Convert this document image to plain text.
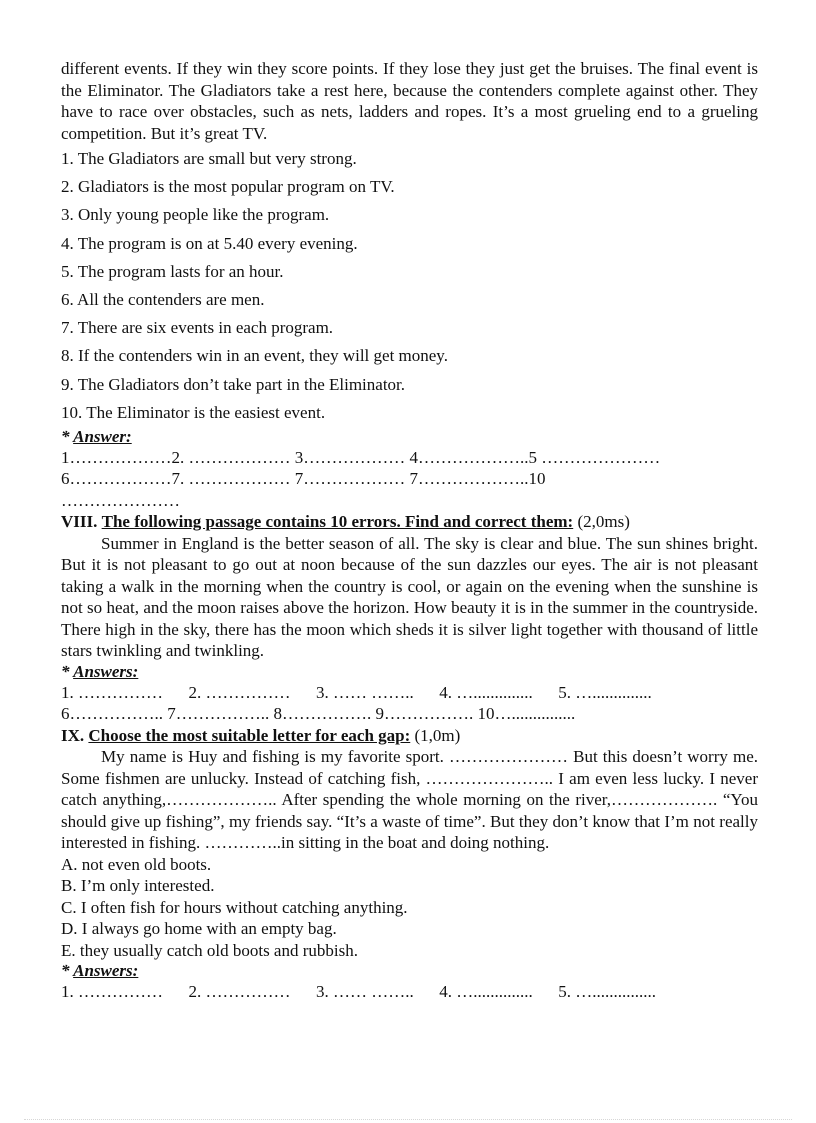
different events. If they win they score points. If they lose they just get the bruises. The final event is the Eliminator. The Gladiators take a rest here, because the contenders complete against other. They have to race over obstacles, such as nets, ladders and ropes. It’s a most grueling end to a grueling competition. But it’s great TV.

1. The Gladiators are small but very strong.
2. Gladiators is the most popular program on TV.
3. Only young people like the program.
4. The program is on at 5.40 every evening.
5. The program lasts for an hour.
6. All the contenders are men.
7. There are six events in each program.
8. If the contenders win in an event, they will get money.
9. The Gladiators don’t take part in the Eliminator.
10. The Eliminator is the easiest event.

* Answer:

1………………2. ……………… 3……………… 4………………..5 …………………

6………………7. ……………… 7……………… 7………………..10

…………………

VIII. The following passage contains 10 errors. Find and correct them: (2,0ms)

Summer in England is the better season of all. The sky is clear and blue. The sun shines bright. But it is not pleasant to go out at noon because of the sun dazzles our eyes. The air is not pleasant taking a walk in the morning when the country is cool, or again on the evening when the sunshine is not so heat, and the moon raises above the horizon. How beauty it is in the summer in the countryside. There high in the sky, there has the moon which sheds it is silver light together with thousand of little stars twinkling and twinkling.

* Answers:

1. ……………      2. ……………      3. …… ……..      4. …..............      5. …..............

6…………….. 7…………….. 8……………. 9……………. 10…...............

IX. Choose the most suitable letter for each gap: (1,0m)

My name is Huy and fishing is my favorite sport. ………………… But this doesn’t worry me. Some fishmen are unlucky. Instead of catching fish, ………………….. I am even less lucky. I never catch anything,……………….. After spending the whole morning on the river,………………. “You should give up fishing”, my friends say. “It’s a waste of time”. But they don’t know that I’m not really interested in fishing. …………..in sitting in the boat and doing nothing.

A. not even old boots.

B. I’m only interested.

C. I often fish for hours without catching anything.

D. I always go home with an empty bag.

E. they usually catch old boots and rubbish.

* Answers:

1. ……………      2. ……………      3. …… ……..      4. …..............      5. …...............
